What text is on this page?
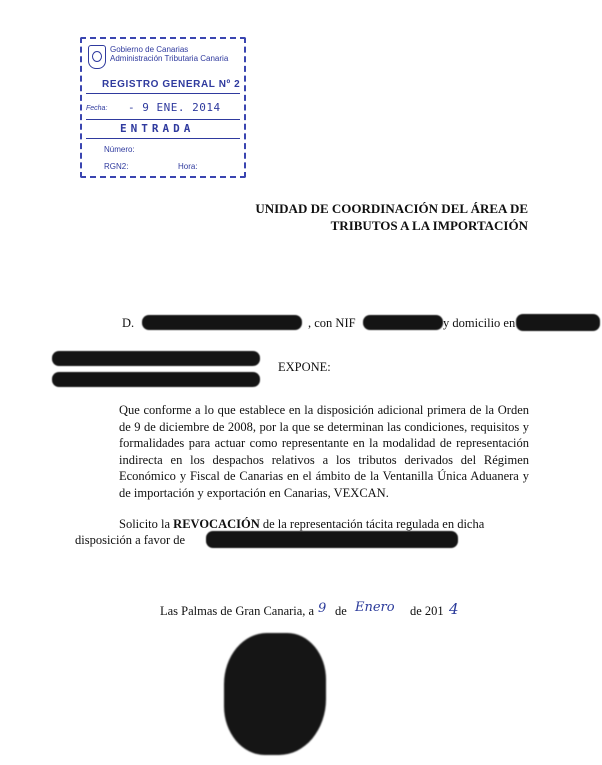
Gobierno de Canarias
Administración Tributaria Canaria
REGISTRO GENERAL Nº 2
Fecha: - 9 ENE. 2014
ENTRADA
Número:
RGN2:	Hora:
UNIDAD DE COORDINACIÓN DEL ÁREA DE
TRIBUTOS A LA IMPORTACIÓN
D.	, con NIF	y domicilio en
EXPONE:

Que conforme a lo que establece en la disposición adicional primera de la Orden de 9 de diciembre de 2008, por la que se determinan las condiciones, requisitos y formalidades para actuar como representante en la modalidad de representación indirecta en los despachos relativos a los tributos derivados del Régimen Económico y Fiscal de Canarias en el ámbito de la Ventanilla Única Aduanera y de importación y exportación en Canarias, VEXCAN.

Solicito la REVOCACIÓN de la representación tácita regulada en dicha

disposición a favor de
Las Palmas de Gran Canaria, a 9 de Enero de 201 4
